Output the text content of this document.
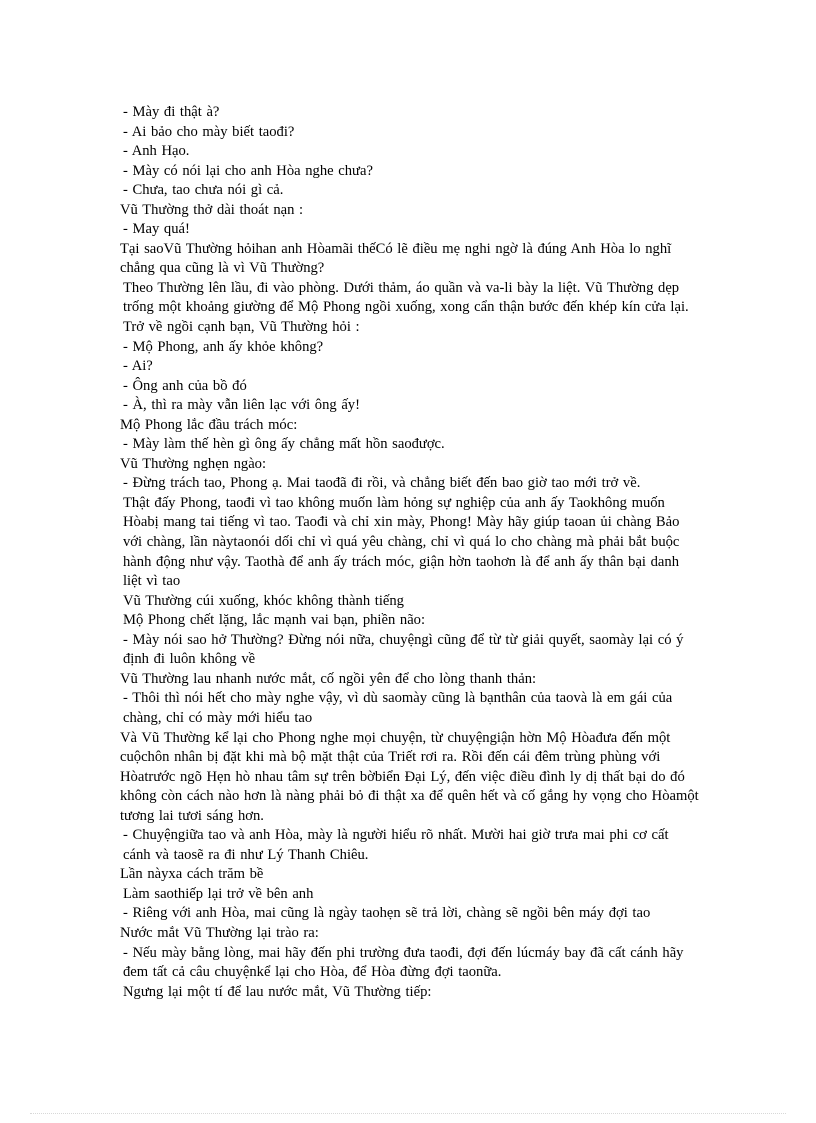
- Mày đi thật à?

- Ai bảo cho mày biết taođi?

- Anh Hạo.

- Mày có nói lại cho anh Hòa nghe chưa?

- Chưa, tao chưa nói gì cả.

Vũ Thường thở dài thoát nạn :

- May quá!

Tại saoVũ Thường hỏihan anh Hòamãi thếCó lẽ điều mẹ nghi ngờ là đúng Anh Hòa lo nghĩ chẳng qua cũng là vì Vũ Thường?

Theo Thường lên lầu, đi vào phòng. Dưới thảm, áo quần và va-li bày la liệt. Vũ Thường dẹp trống một khoảng giường để Mộ Phong ngồi xuống, xong cẩn thận bước đến khép kín cửa lại. Trở về ngồi cạnh bạn, Vũ Thường hỏi :

- Mộ Phong, anh ấy khỏe không?

- Ai?

- Ông anh của bồ đó

- À, thì ra mày vẫn liên lạc với ông ấy!

Mộ Phong lắc đầu trách móc:

- Mày làm thế hèn gì ông ấy chẳng mất hồn saođược.

Vũ Thường nghẹn ngào:

- Đừng trách tao, Phong ạ. Mai taođã đi rồi, và chẳng biết đến bao giờ tao mới trở về.

Thật đấy Phong, taođi vì tao không muốn làm hỏng sự nghiệp của anh ấy Taokhông muốn Hòabị mang tai tiếng vì tao. Taođi và chỉ xin mày, Phong! Mày hãy giúp taoan ủi chàng Bảo với chàng, lần nàytaonói dối chỉ vì quá yêu chàng, chỉ vì quá lo cho chàng mà phải bắt buộc hành động như vậy. Taothà để anh ấy trách móc, giận hờn taohơn là để anh ấy thân bại danh liệt vì tao

Vũ Thường cúi xuống, khóc không thành tiếng

Mộ Phong chết lặng, lắc mạnh vai bạn, phiền não:

- Mày nói sao hở Thường? Đừng nói nữa, chuyệngì cũng để từ từ giải quyết, saomày lại có ý định đi luôn không về

Vũ Thường lau nhanh nước mắt, cố ngồi yên để cho lòng thanh thản:

- Thôi thì nói hết cho mày nghe vậy, vì dù saomày cũng là bạnthân của taovà là em gái của chàng, chỉ có mày mới hiểu tao

Và Vũ Thường kể lại cho Phong nghe mọi chuyện, từ chuyệngiận hờn Mộ Hòađưa đến một cuộchôn nhân bị đặt khi mà bộ mặt thật của Triết rơi ra. Rồi đến cái đêm trùng phùng với Hòatrước ngõ Hẹn hò nhau tâm sự trên bờbiển Đại Lý, đến việc điều đình ly dị thất bại do đó không còn cách nào hơn là nàng phải bỏ đi thật xa để quên hết và cố gắng hy vọng cho Hòamột tương lai tươi sáng hơn.

- Chuyệngiữa tao và anh Hòa, mày là người hiểu rõ nhất. Mười hai giờ trưa mai phi cơ cất cánh và taosẽ ra đi như Lý Thanh Chiêu.

Lần nàyxa cách trăm bề

Làm saothiếp lại trở về bên anh

- Riêng với anh Hòa, mai cũng là ngày taohẹn sẽ trả lời, chàng sẽ ngồi bên máy đợi tao

Nước mắt Vũ Thường lại trào ra:

- Nếu mày bằng lòng, mai hãy đến phi trường đưa taođi, đợi đến lúcmáy bay đã cất cánh hãy đem tất cả câu chuyệnkể lại cho Hòa, để Hòa đừng đợi taonữa.

Ngưng lại một tí để lau nước mắt, Vũ Thường tiếp:
